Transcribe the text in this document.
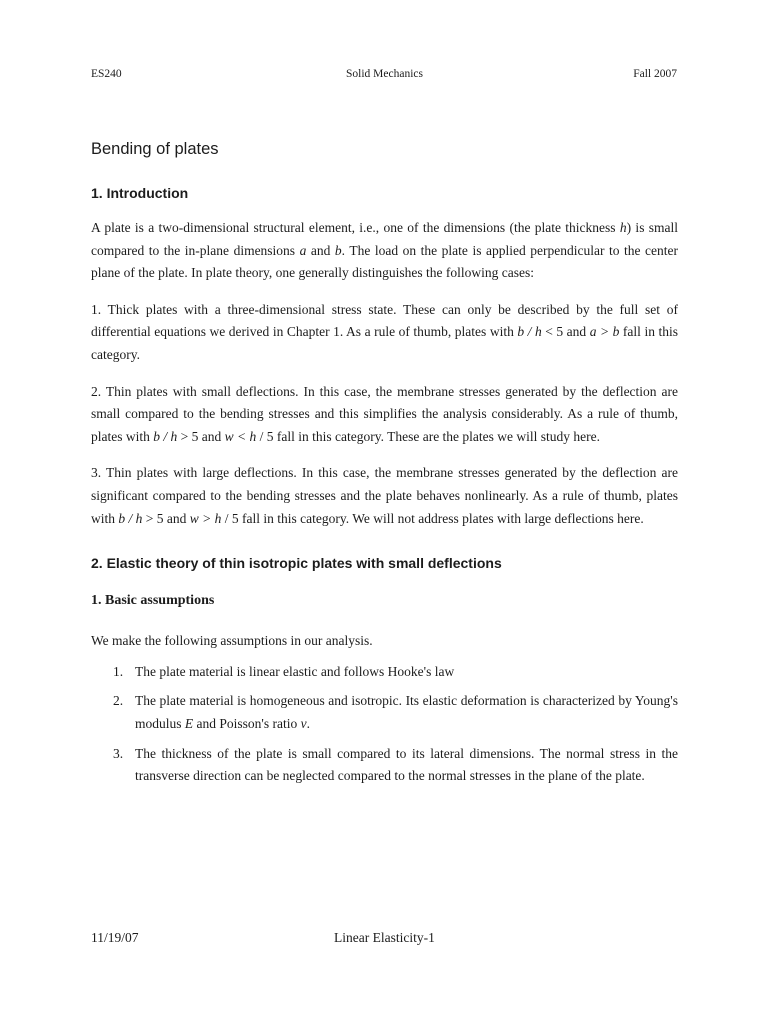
ES240	Solid Mechanics	Fall 2007
Bending of plates
1. Introduction

A plate is a two-dimensional structural element, i.e., one of the dimensions (the plate thickness h) is small compared to the in-plane dimensions a and b. The load on the plate is applied perpendicular to the center plane of the plate. In plate theory, one generally distinguishes the following cases:

1. Thick plates with a three-dimensional stress state. These can only be described by the full set of differential equations we derived in Chapter 1. As a rule of thumb, plates with b / h < 5 and a > b fall in this category.

2. Thin plates with small deflections. In this case, the membrane stresses generated by the deflection are small compared to the bending stresses and this simplifies the analysis considerably. As a rule of thumb, plates with b / h > 5 and w < h / 5 fall in this category. These are the plates we will study here.

3. Thin plates with large deflections. In this case, the membrane stresses generated by the deflection are significant compared to the bending stresses and the plate behaves nonlinearly. As a rule of thumb, plates with b / h > 5 and w > h / 5 fall in this category. We will not address plates with large deflections here.

2. Elastic theory of thin isotropic plates with small deflections
1. Basic assumptions

We make the following assumptions in our analysis.

1. The plate material is linear elastic and follows Hooke's law
2. The plate material is homogeneous and isotropic. Its elastic deformation is characterized by Young's modulus E and Poisson's ratio ν.
3. The thickness of the plate is small compared to its lateral dimensions. The normal stress in the transverse direction can be neglected compared to the normal stresses in the plane of the plate.
11/19/07	Linear Elasticity-1
